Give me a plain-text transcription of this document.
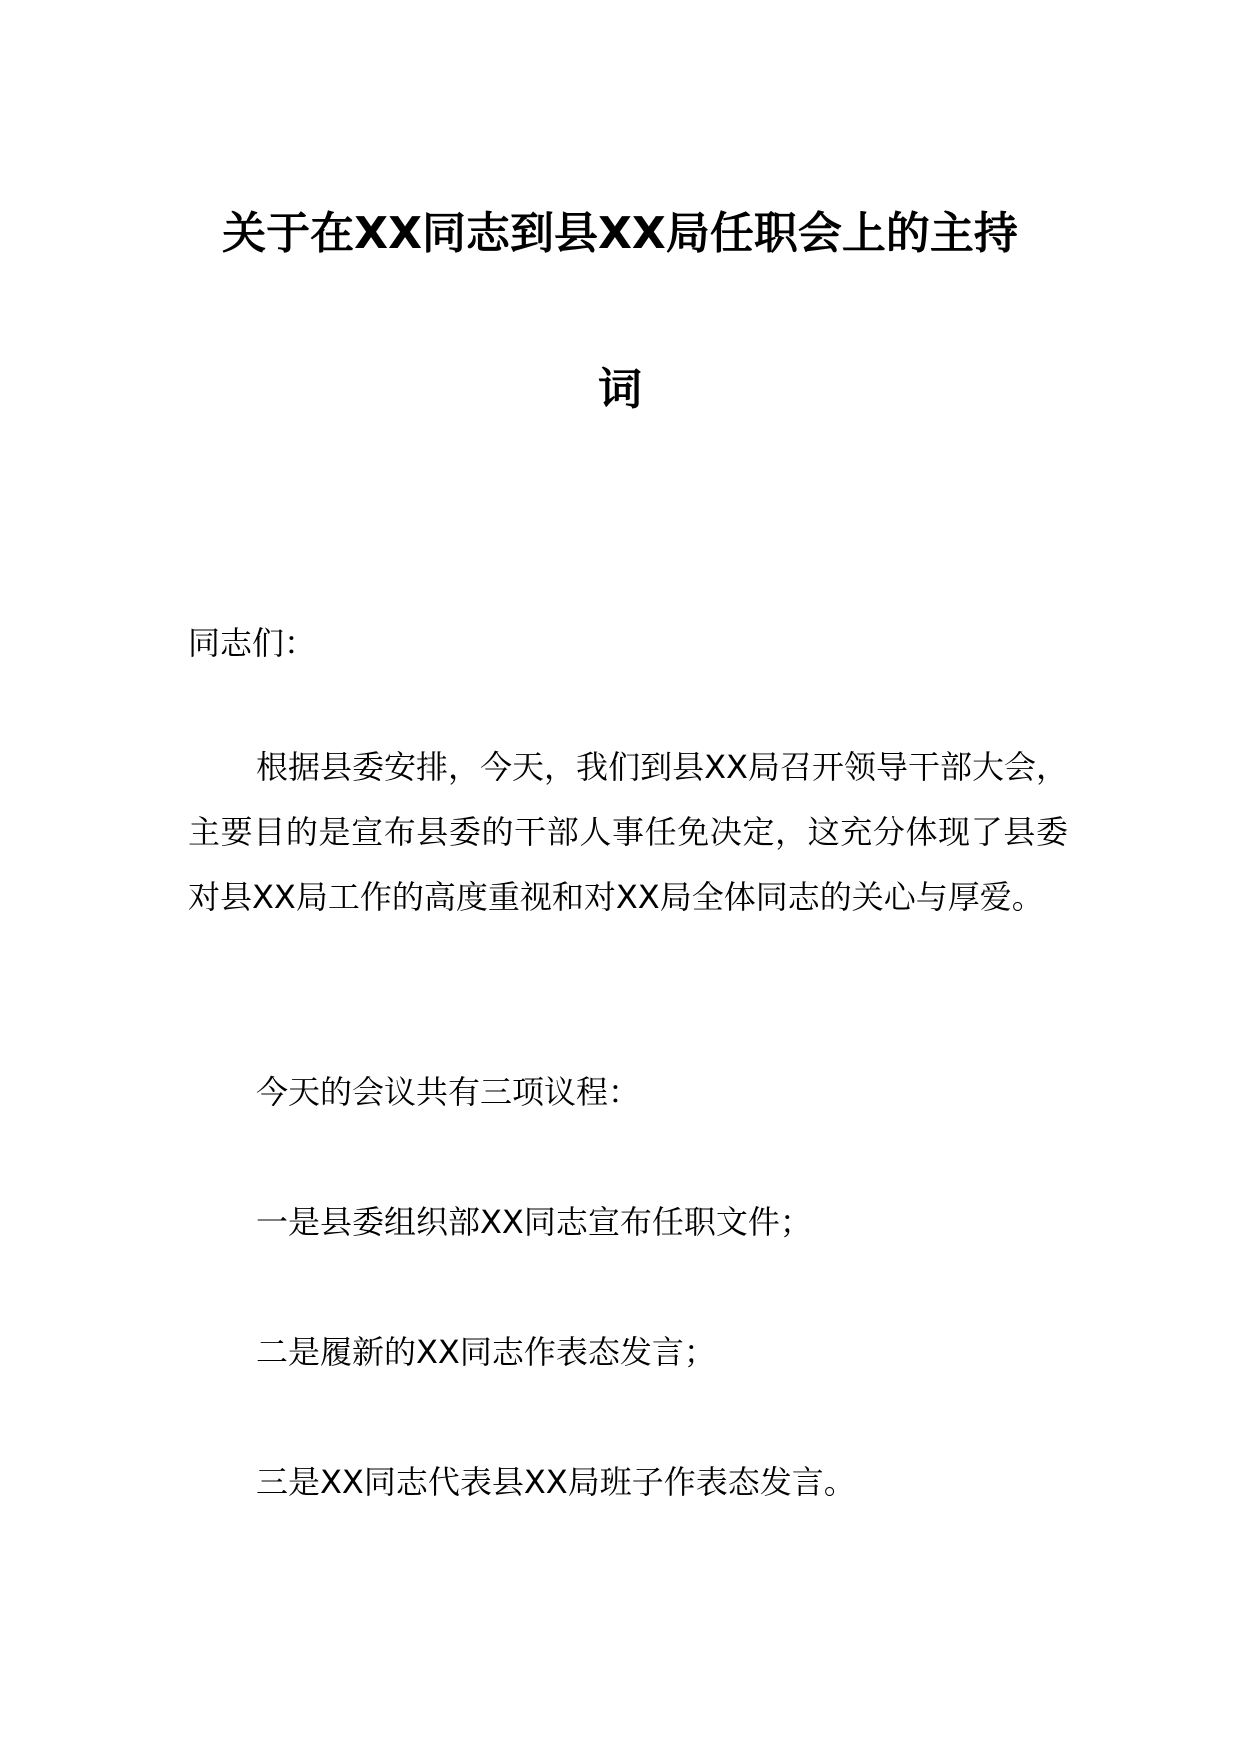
关于在XX同志到县XX局任职会上的主持
词

同志们：

根据县委安排，今天，我们到县XX局召开领导干部大会，主要目的是宣布县委的干部人事任免决定，这充分体现了县委对县XX局工作的高度重视和对XX局全体同志的关心与厚爱。

今天的会议共有三项议程：

一是县委组织部XX同志宣布任职文件；

二是履新的XX同志作表态发言；

三是XX同志代表县XX局班子作表态发言。
